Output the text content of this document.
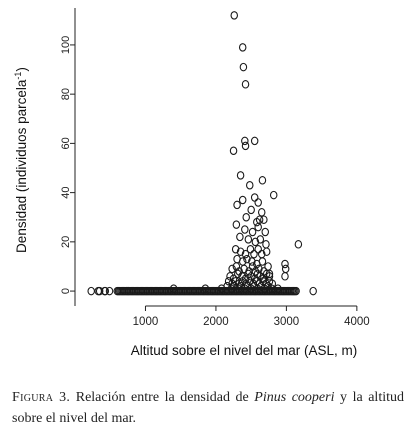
0
20
40
60
80
100
1000	2000	3000	4000
Densidad (individuos parcela$^{-1}$)
Altitud sobre el nivel del mar (ASL, m)
Figura 3. Relación entre la densidad de Pinus cooperi y la altitud sobre el nivel del mar.
